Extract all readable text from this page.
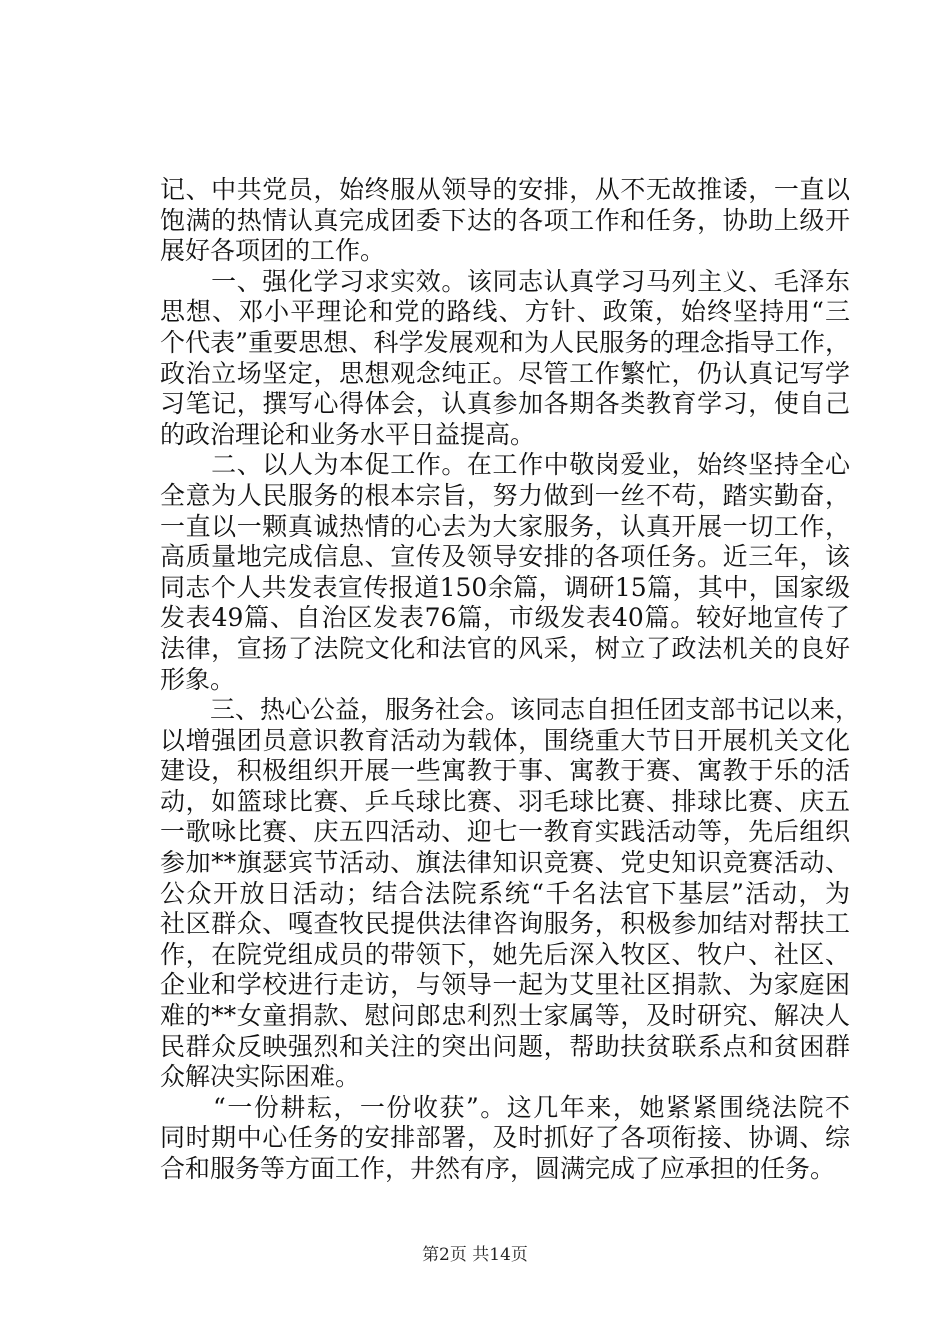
记、中共党员，始终服从领导的安排，从不无故推诿，一直以
饱满的热情认真完成团委下达的各项工作和任务，协助上级开
展好各项团的工作。
　　一、强化学习求实效。该同志认真学习马列主义、毛泽东
思想、邓小平理论和党的路线、方针、政策，始终坚持用“三
个代表”重要思想、科学发展观和为人民服务的理念指导工作，
政治立场坚定，思想观念纯正。尽管工作繁忙，仍认真记写学
习笔记，撰写心得体会，认真参加各期各类教育学习，使自己
的政治理论和业务水平日益提高。
　　二、以人为本促工作。在工作中敬岗爱业，始终坚持全心
全意为人民服务的根本宗旨，努力做到一丝不苟，踏实勤奋，
一直以一颗真诚热情的心去为大家服务，认真开展一切工作，
高质量地完成信息、宣传及领导安排的各项任务。近三年，该
同志个人共发表宣传报道150余篇，调研15篇，其中，国家级
发表49篇、自治区发表76篇，市级发表40篇。较好地宣传了
法律，宣扬了法院文化和法官的风采，树立了政法机关的良好
形象。
　　三、热心公益，服务社会。该同志自担任团支部书记以来，
以增强团员意识教育活动为载体，围绕重大节日开展机关文化
建设，积极组织开展一些寓教于事、寓教于赛、寓教于乐的活
动，如篮球比赛、乒乓球比赛、羽毛球比赛、排球比赛、庆五
一歌咏比赛、庆五四活动、迎七一教育实践活动等，先后组织
参加**旗瑟宾节活动、旗法律知识竞赛、党史知识竞赛活动、
公众开放日活动；结合法院系统“千名法官下基层”活动，为
社区群众、嘎查牧民提供法律咨询服务，积极参加结对帮扶工
作，在院党组成员的带领下，她先后深入牧区、牧户、社区、
企业和学校进行走访，与领导一起为艾里社区捐款、为家庭困
难的**女童捐款、慰问郎忠利烈士家属等，及时研究、解决人
民群众反映强烈和关注的突出问题，帮助扶贫联系点和贫困群
众解决实际困难。
　　“一份耕耘，一份收获”。这几年来，她紧紧围绕法院不
同时期中心任务的安排部署，及时抓好了各项衔接、协调、综
合和服务等方面工作，井然有序，圆满完成了应承担的任务。
第2页 共14页
